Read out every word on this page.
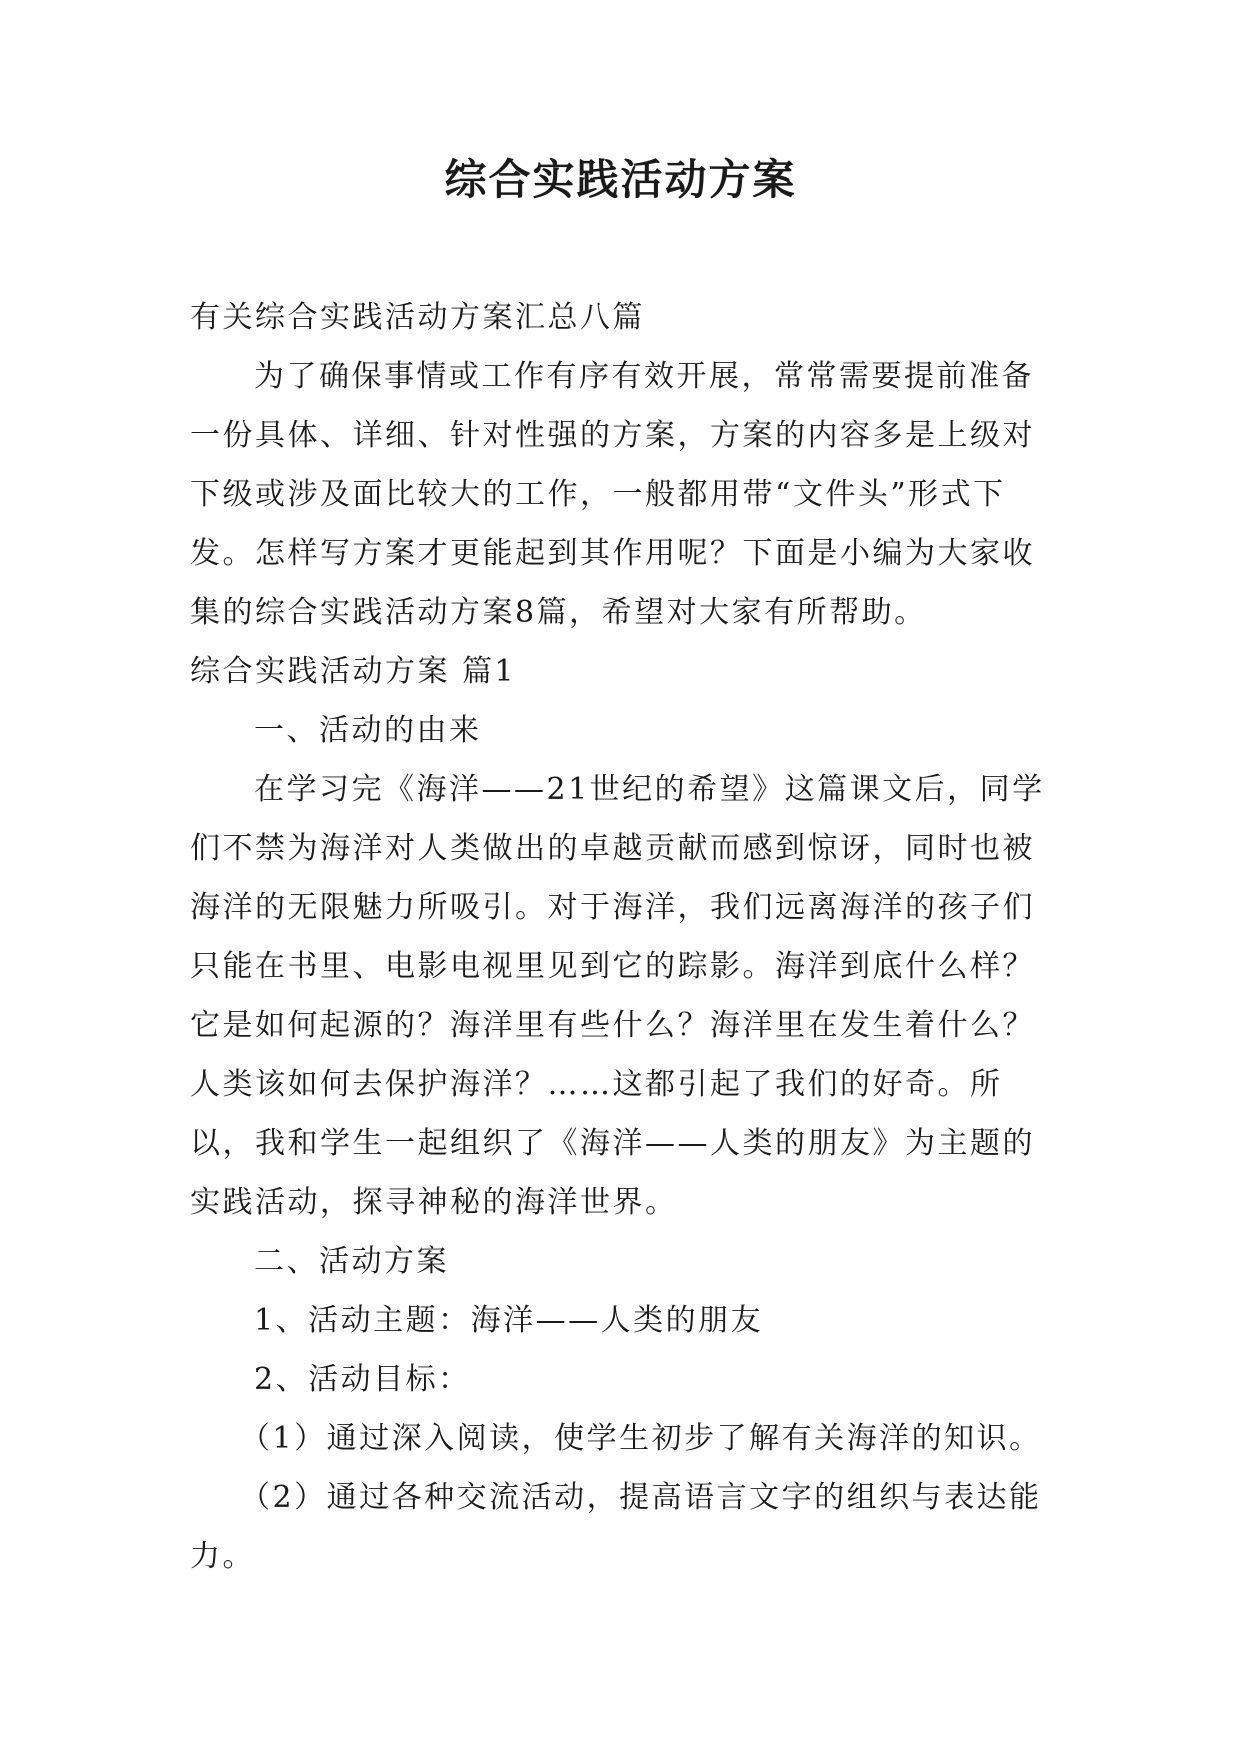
综合实践活动方案

有关综合实践活动方案汇总八篇

为了确保事情或工作有序有效开展，常常需要提前准备一份具体、详细、针对性强的方案，方案的内容多是上级对下级或涉及面比较大的工作，一般都用带“文件头”形式下发。怎样写方案才更能起到其作用呢？下面是小编为大家收集的综合实践活动方案8篇，希望对大家有所帮助。

综合实践活动方案 篇1

一、活动的由来

在学习完《海洋——21世纪的希望》这篇课文后，同学们不禁为海洋对人类做出的卓越贡献而感到惊讶，同时也被海洋的无限魅力所吸引。对于海洋，我们远离海洋的孩子们只能在书里、电影电视里见到它的踪影。海洋到底什么样？它是如何起源的？海洋里有些什么？海洋里在发生着什么？人类该如何去保护海洋？……这都引起了我们的好奇。所以，我和学生一起组织了《海洋——人类的朋友》为主题的实践活动，探寻神秘的海洋世界。

二、活动方案

1、活动主题：海洋——人类的朋友

2、活动目标：

（1）通过深入阅读，使学生初步了解有关海洋的知识。

（2）通过各种交流活动，提高语言文字的组织与表达能力。
